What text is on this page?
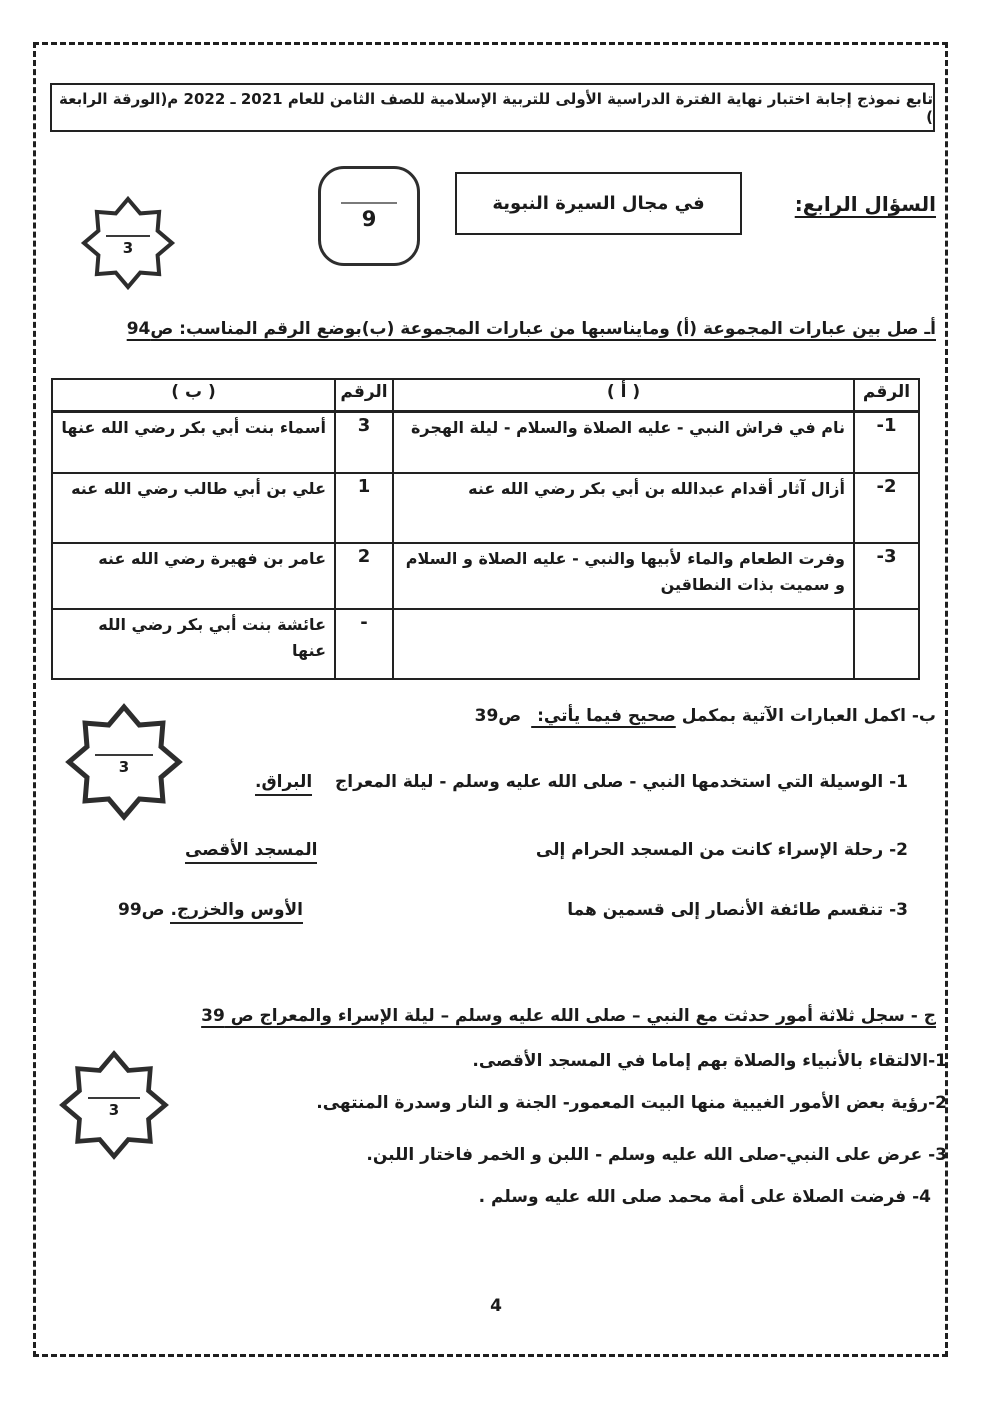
تابع نموذج إجابة اختبار نهاية الفترة الدراسية الأولى للتربية الإسلامية للصف الثامن للعام 2021 ـ 2022 م(الورقة الرابعة )
السؤال الرابع:
في مجال السيرة النبوية
9
3
أـ صل بين عبارات المجموعة (أ) ومايناسبها من عبارات المجموعة (ب)بوضع الرقم المناسب: ص94
الرقم	( أ )	الرقم	( ب )
-1	نام في فراش النبي - عليه الصلاة والسلام - ليلة الهجرة	3	أسماء بنت أبي بكر رضي الله عنها
-2	أزال آثار أقدام عبدالله بن أبي بكر رضي الله عنه	1	علي بن أبي طالب رضي الله عنه
-3	وفرت الطعام والماء لأبيها والنبي - عليه الصلاة و السلام و سميت بذات النطاقين	2	عامر بن فهيرة رضي الله عنه
		-	عائشة بنت أبي بكر رضي الله عنها
3
ب- اكمل العبارات الآتية بمكمل صحيح فيما يأتي: ص39
1- الوسيلة التي استخدمها النبي - صلى الله عليه وسلم - ليلة المعراج
البراق.
2- رحلة الإسراء كانت من المسجد الحرام إلى
المسجد الأقصى
3- تنقسم طائفة الأنصار إلى قسمين هما
الأوس والخزرج. ص99
ج - سجل ثلاثة أمور حدثت مع النبي – صلى الله عليه وسلم – ليلة الإسراء والمعراج ص 39
3
1-الالتقاء بالأنبياء والصلاة بهم إماما في المسجد الأقصى.
2-رؤية بعض الأمور الغيبية منها البيت المعمور- الجنة و النار وسدرة المنتهى.
3- عرض على النبي-صلى الله عليه وسلم - اللبن و الخمر فاختار اللبن.
4- فرضت الصلاة على أمة محمد صلى الله عليه وسلم .
4
